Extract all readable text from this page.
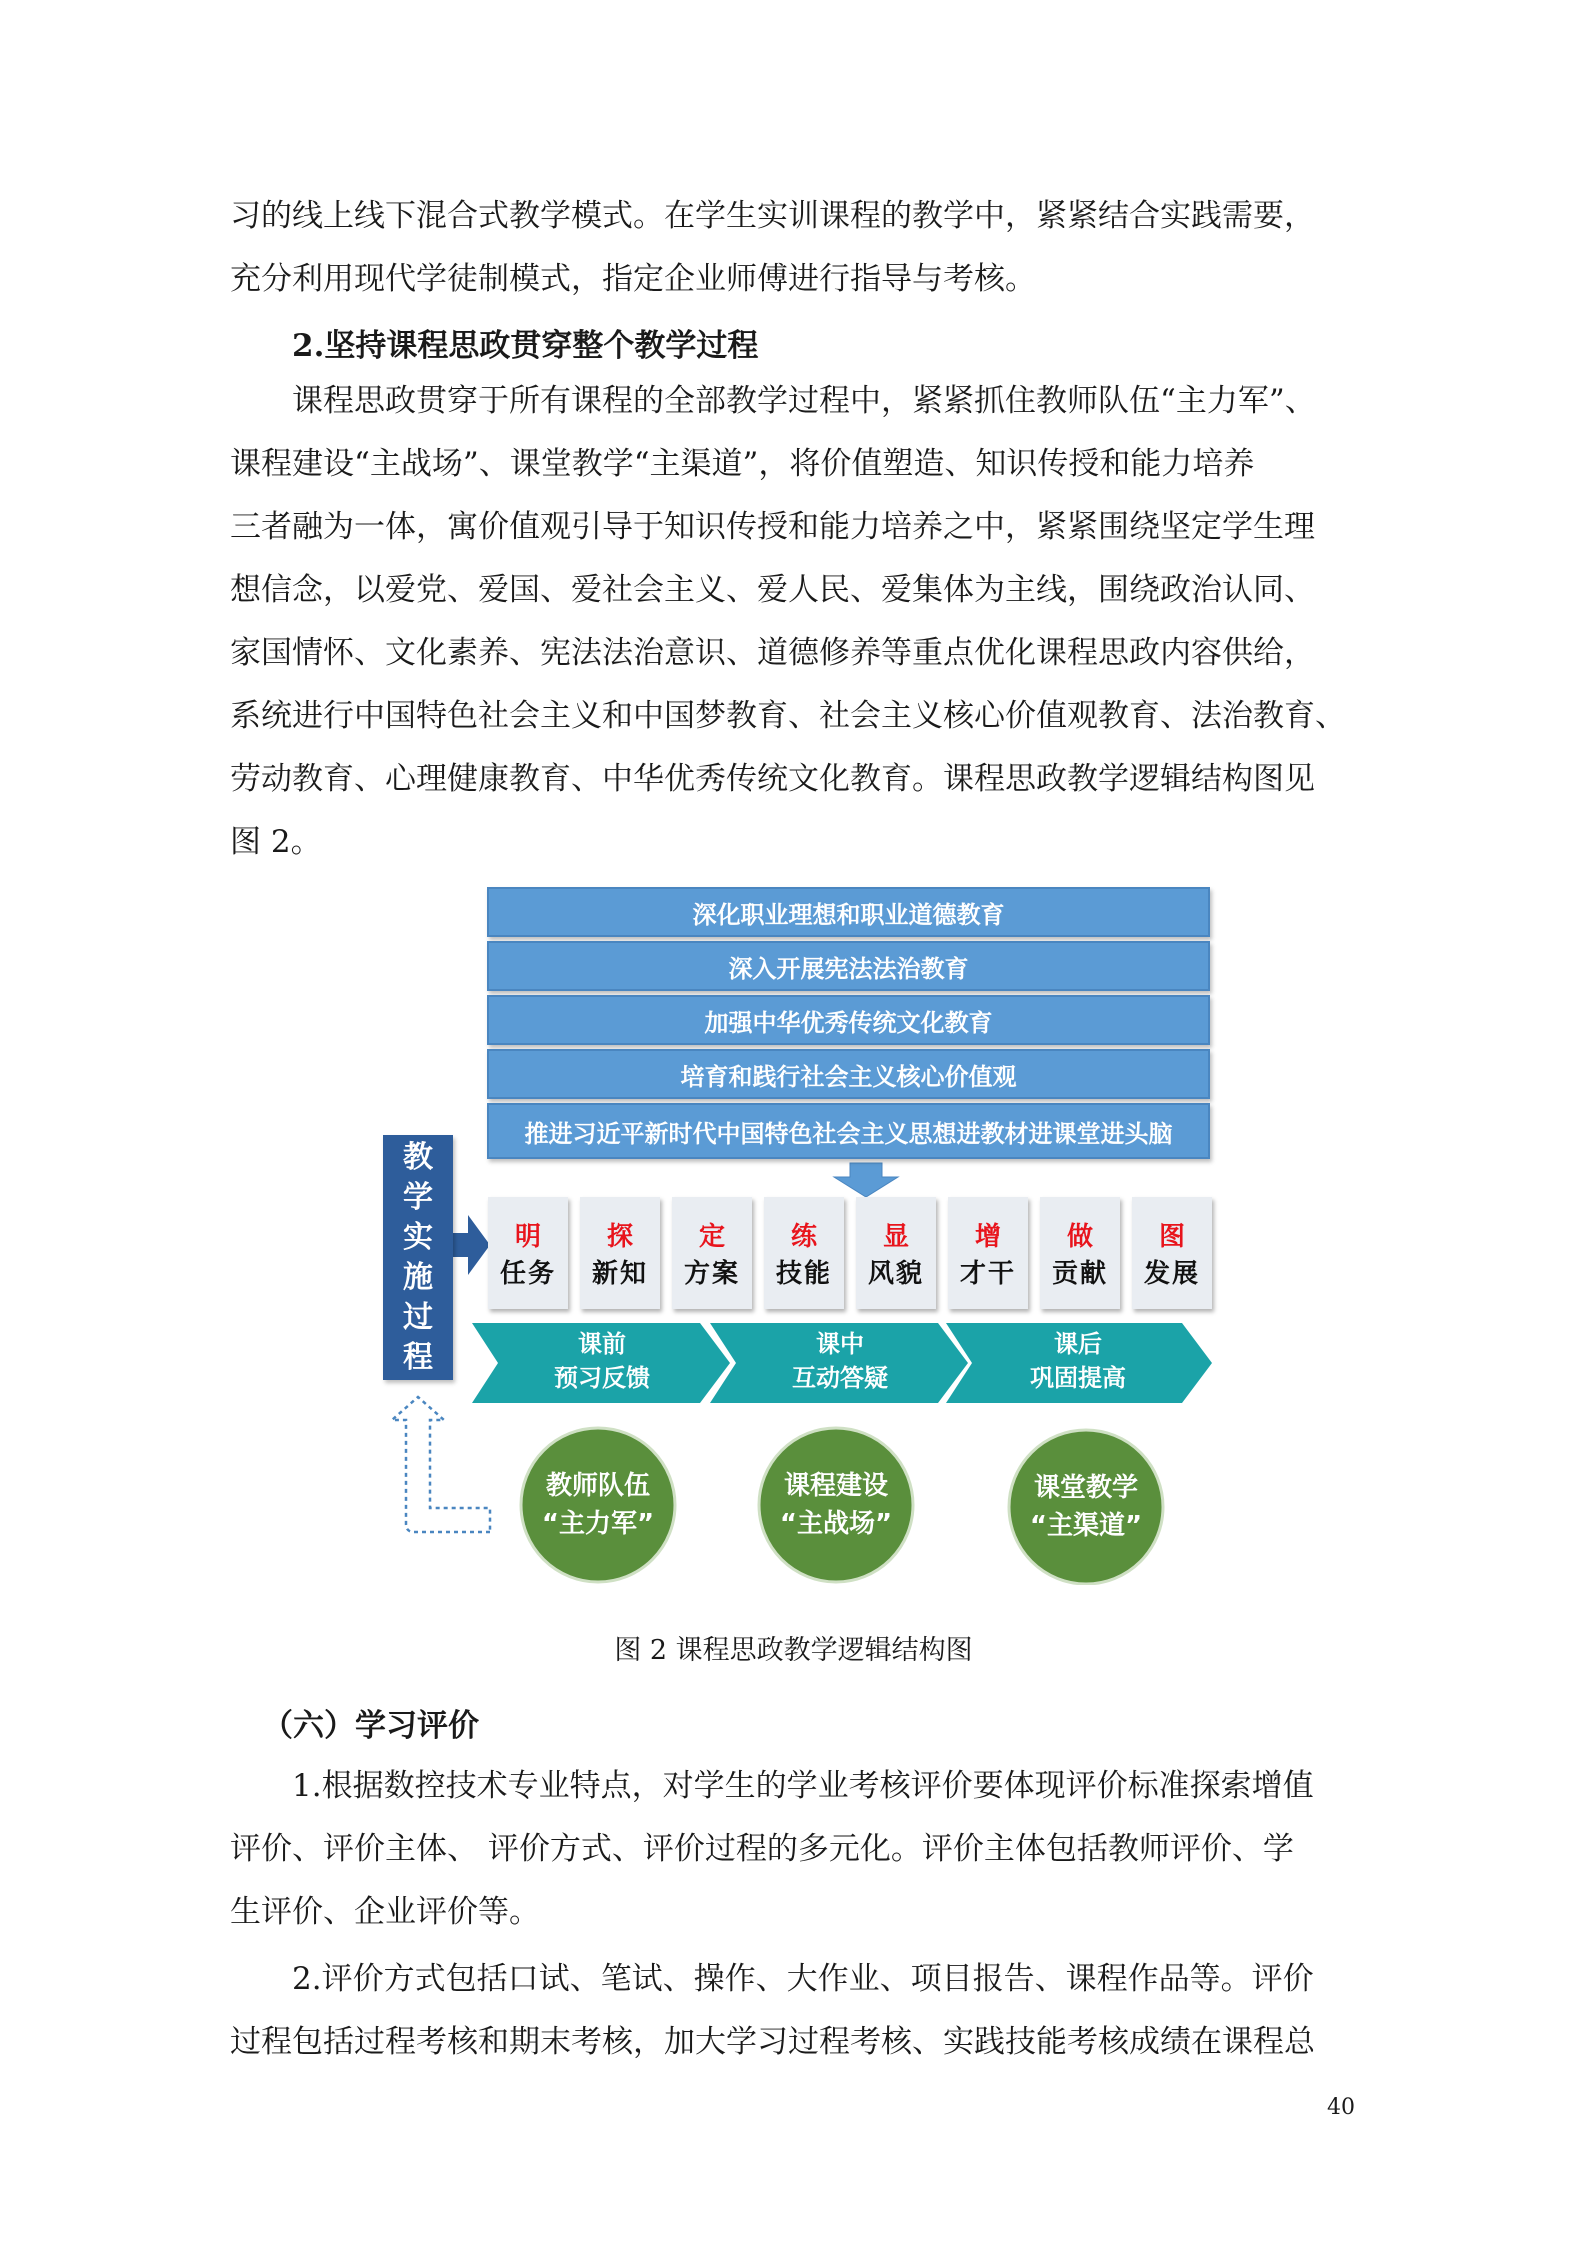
习的线上线下混合式教学模式。在学生实训课程的教学中，紧紧结合实践需要，
充分利用现代学徒制模式，指定企业师傅进行指导与考核。

2.坚持课程思政贯穿整个教学过程

课程思政贯穿于所有课程的全部教学过程中，紧紧抓住教师队伍“主力军”、
课程建设“主战场”、课堂教学“主渠道”，将价值塑造、知识传授和能力培养
三者融为一体，寓价值观引导于知识传授和能力培养之中，紧紧围绕坚定学生理
想信念，以爱党、爱国、爱社会主义、爱人民、爱集体为主线，围绕政治认同、
家国情怀、文化素养、宪法法治意识、道德修养等重点优化课程思政内容供给，
系统进行中国特色社会主义和中国梦教育、社会主义核心价值观教育、法治教育、
劳动教育、心理健康教育、中华优秀传统文化教育。课程思政教学逻辑结构图见
图 2。

深化职业理想和职业道德教育
深入开展宪法法治教育
加强中华优秀传统文化教育
培育和践行社会主义核心价值观
推进习近平新时代中国特色社会主义思想进教材进课堂进头脑
教
学
实
施
过
程
明
任务
探
新知
定
方案
练
技能
显
风貌
增
才干
做
贡献
图
发展
课前
预习反馈
课中
互动答疑
课后
巩固提高
教师队伍
“主力军”
课程建设
“主战场”
课堂教学
“主渠道”

图 2 课程思政教学逻辑结构图

（六）学习评价

1.根据数控技术专业特点，对学生的学业考核评价要体现评价标准探索增值
评价、评价主体、 评价方式、评价过程的多元化。评价主体包括教师评价、学
生评价、企业评价等。

2.评价方式包括口试、笔试、操作、大作业、项目报告、课程作品等。评价
过程包括过程考核和期末考核，加大学习过程考核、实践技能考核成绩在课程总

40
